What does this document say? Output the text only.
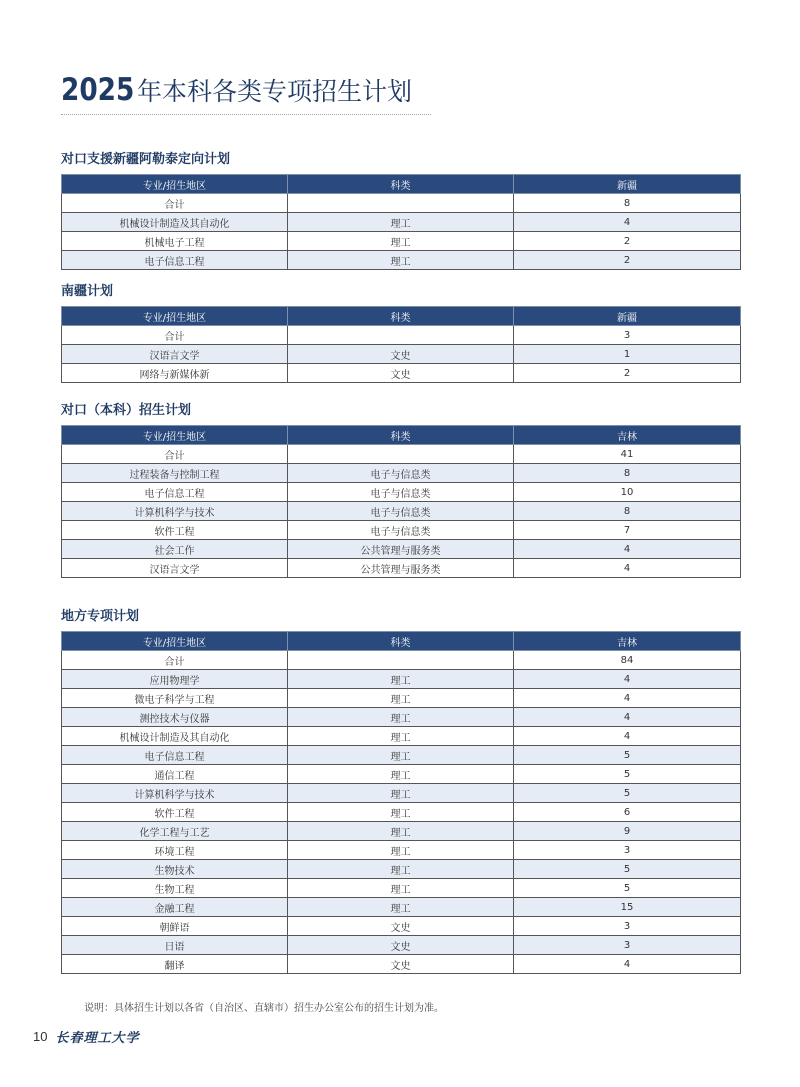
2025 年本科各类专项招生计划
对口支援新疆阿勒泰定向计划
专业/招生地区	科类	新疆
合计		8
机械设计制造及其自动化	理工	4
机械电子工程	理工	2
电子信息工程	理工	2
南疆计划
专业/招生地区	科类	新疆
合计		3
汉语言文学	文史	1
网络与新媒体新	文史	2
对口（本科）招生计划
专业/招生地区	科类	吉林
合计		41
过程装备与控制工程	电子与信息类	8
电子信息工程	电子与信息类	10
计算机科学与技术	电子与信息类	8
软件工程	电子与信息类	7
社会工作	公共管理与服务类	4
汉语言文学	公共管理与服务类	4
地方专项计划
专业/招生地区	科类	吉林
合计		84
应用物理学	理工	4
微电子科学与工程	理工	4
测控技术与仪器	理工	4
机械设计制造及其自动化	理工	4
电子信息工程	理工	5
通信工程	理工	5
计算机科学与技术	理工	5
软件工程	理工	6
化学工程与工艺	理工	9
环境工程	理工	3
生物技术	理工	5
生物工程	理工	5
金融工程	理工	15
朝鲜语	文史	3
日语	文史	3
翻译	文史	4
说明：具体招生计划以各省（自治区、直辖市）招生办公室公布的招生计划为准。
10 长春理工大学
